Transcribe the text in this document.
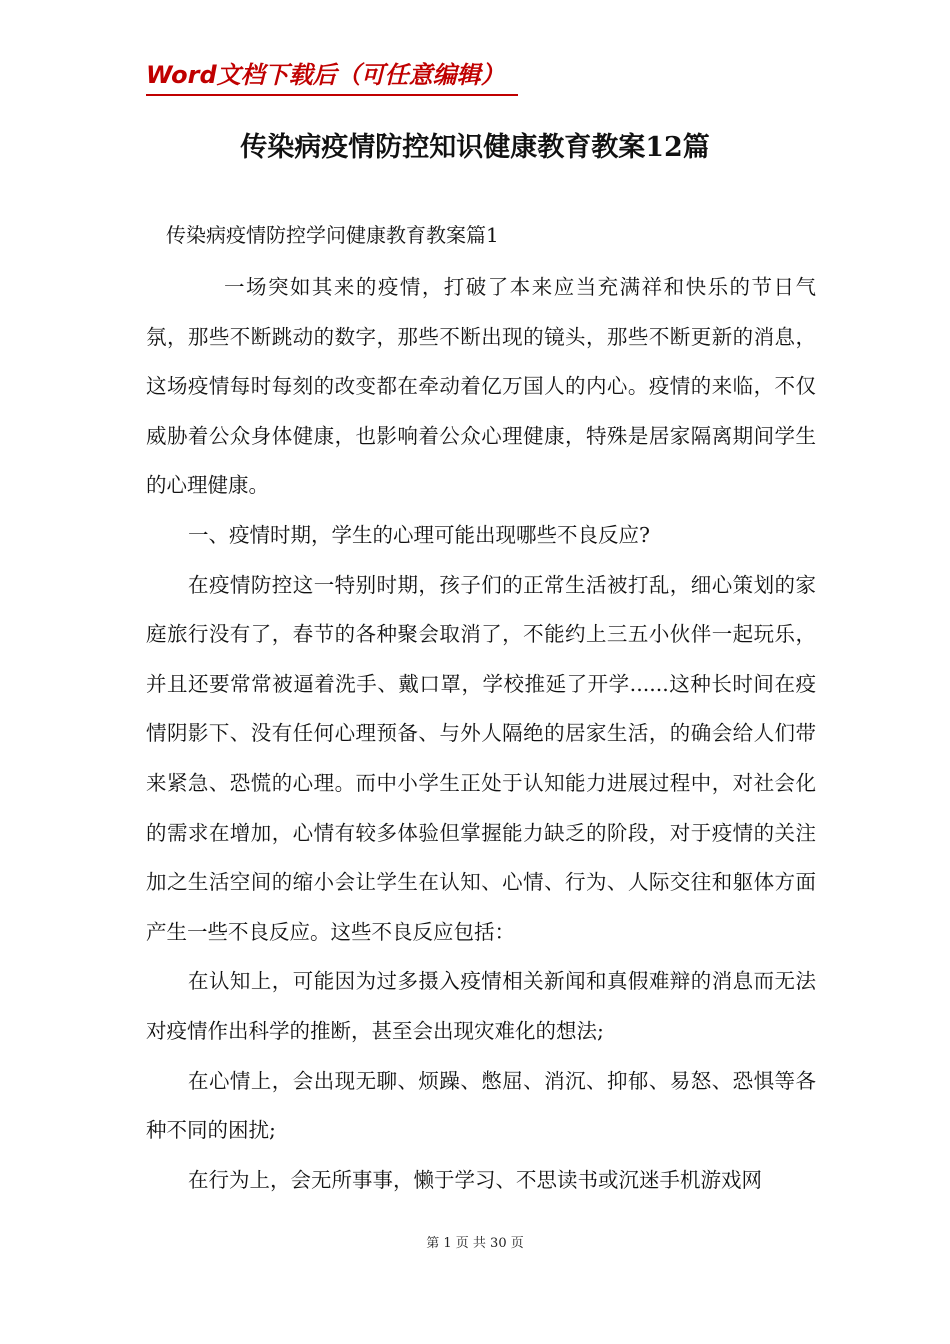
Word文档下载后（可任意编辑）
传染病疫情防控知识健康教育教案12篇
传染病疫情防控学问健康教育教案篇1

一场突如其来的疫情，打破了本来应当充满祥和快乐的节日气氛，那些不断跳动的数字，那些不断出现的镜头，那些不断更新的消息，这场疫情每时每刻的改变都在牵动着亿万国人的内心。疫情的来临，不仅威胁着公众身体健康，也影响着公众心理健康，特殊是居家隔离期间学生的心理健康。

一、疫情时期，学生的心理可能出现哪些不良反应?

在疫情防控这一特别时期，孩子们的正常生活被打乱，细心策划的家庭旅行没有了，春节的各种聚会取消了，不能约上三五小伙伴一起玩乐，并且还要常常被逼着洗手、戴口罩，学校推延了开学......这种长时间在疫情阴影下、没有任何心理预备、与外人隔绝的居家生活，的确会给人们带来紧急、恐慌的心理。而中小学生正处于认知能力进展过程中，对社会化的需求在增加，心情有较多体验但掌握能力缺乏的阶段，对于疫情的关注加之生活空间的缩小会让学生在认知、心情、行为、人际交往和躯体方面产生一些不良反应。这些不良反应包括：

在认知上，可能因为过多摄入疫情相关新闻和真假难辩的消息而无法对疫情作出科学的推断，甚至会出现灾难化的想法;

在心情上，会出现无聊、烦躁、憋屈、消沉、抑郁、易怒、恐惧等各种不同的困扰;

在行为上，会无所事事，懒于学习、不思读书或沉迷手机游戏网

第 1 页 共 30 页
